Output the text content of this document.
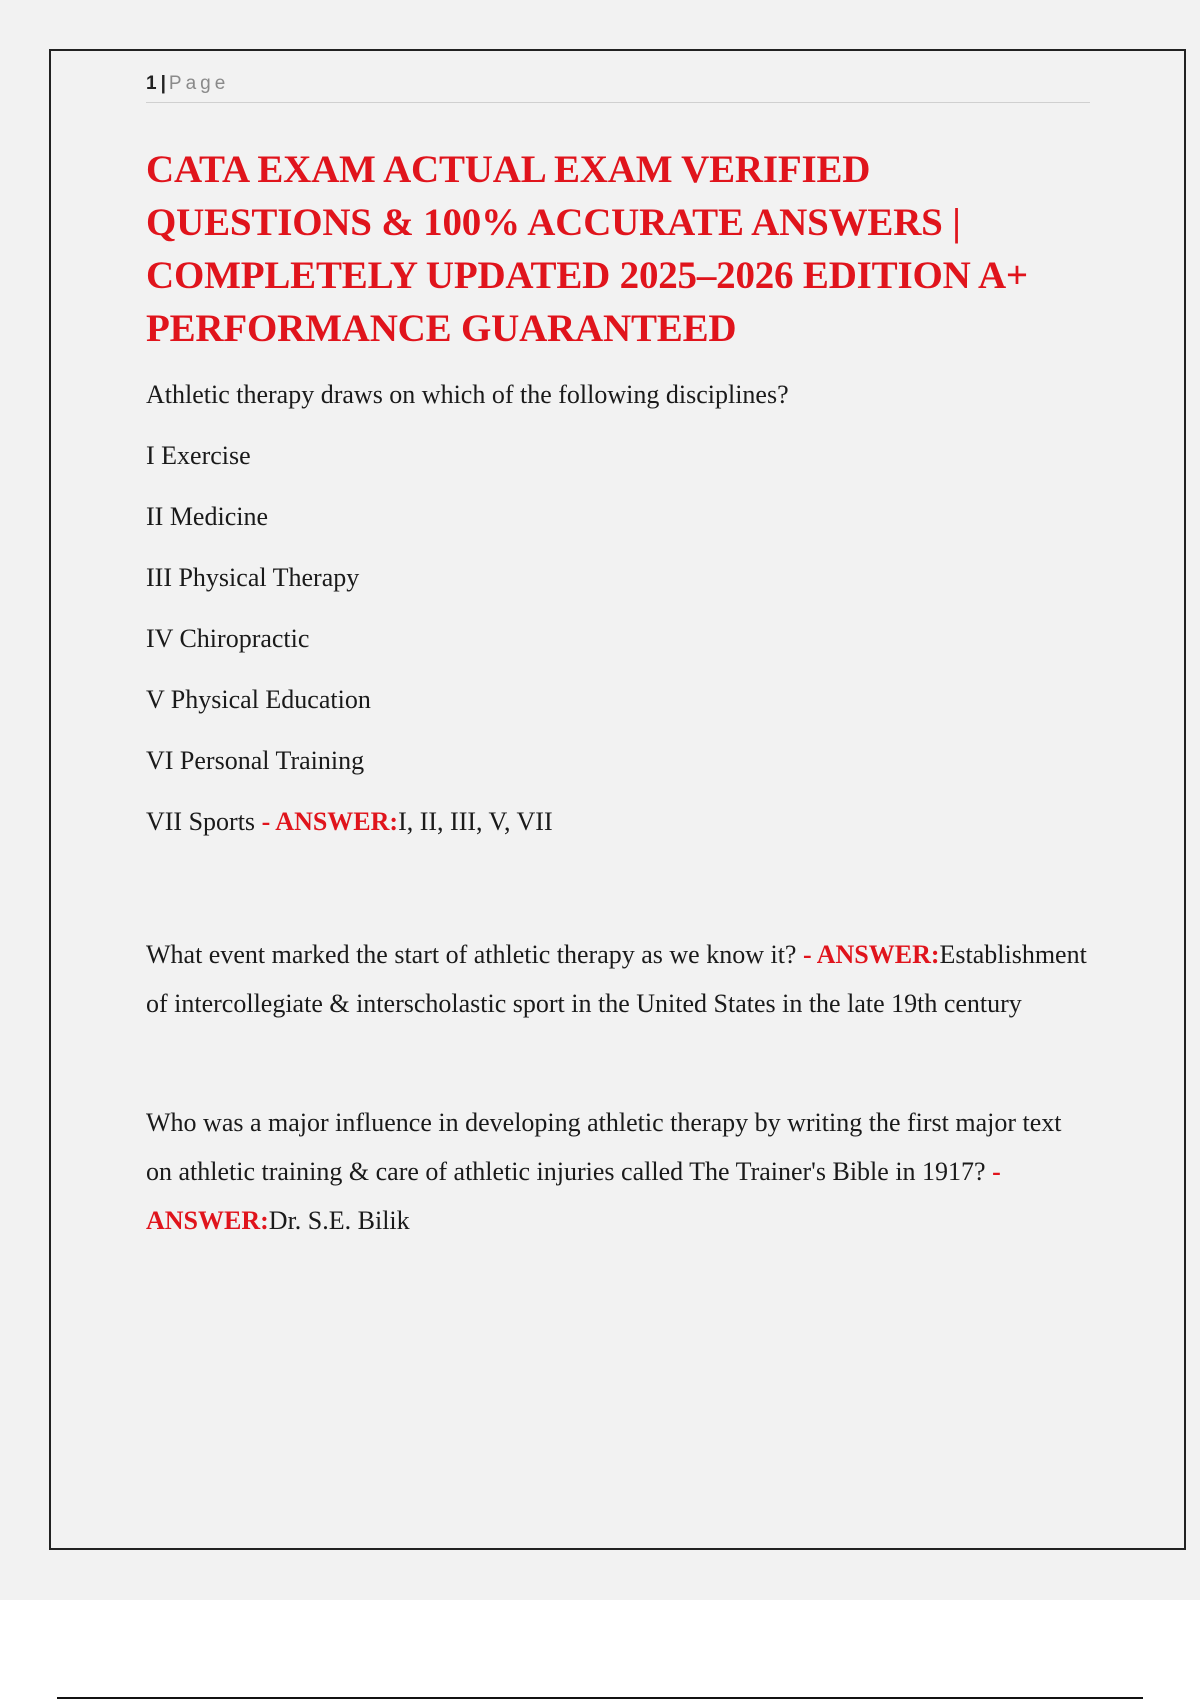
1 | Page
CATA EXAM ACTUAL EXAM VERIFIED QUESTIONS & 100% ACCURATE ANSWERS | COMPLETELY UPDATED 2025–2026 EDITION A+ PERFORMANCE GUARANTEED

Athletic therapy draws on which of the following disciplines?

I Exercise

II Medicine

III Physical Therapy

IV Chiropractic

V Physical Education

VI Personal Training

VII Sports - ANSWER:I, II, III, V, VII

What event marked the start of athletic therapy as we know it? - ANSWER:Establishment of intercollegiate & interscholastic sport in the United States in the late 19th century

Who was a major influence in developing athletic therapy by writing the first major text on athletic training & care of athletic injuries called The Trainer's Bible in 1917? - ANSWER:Dr. S.E. Bilik
